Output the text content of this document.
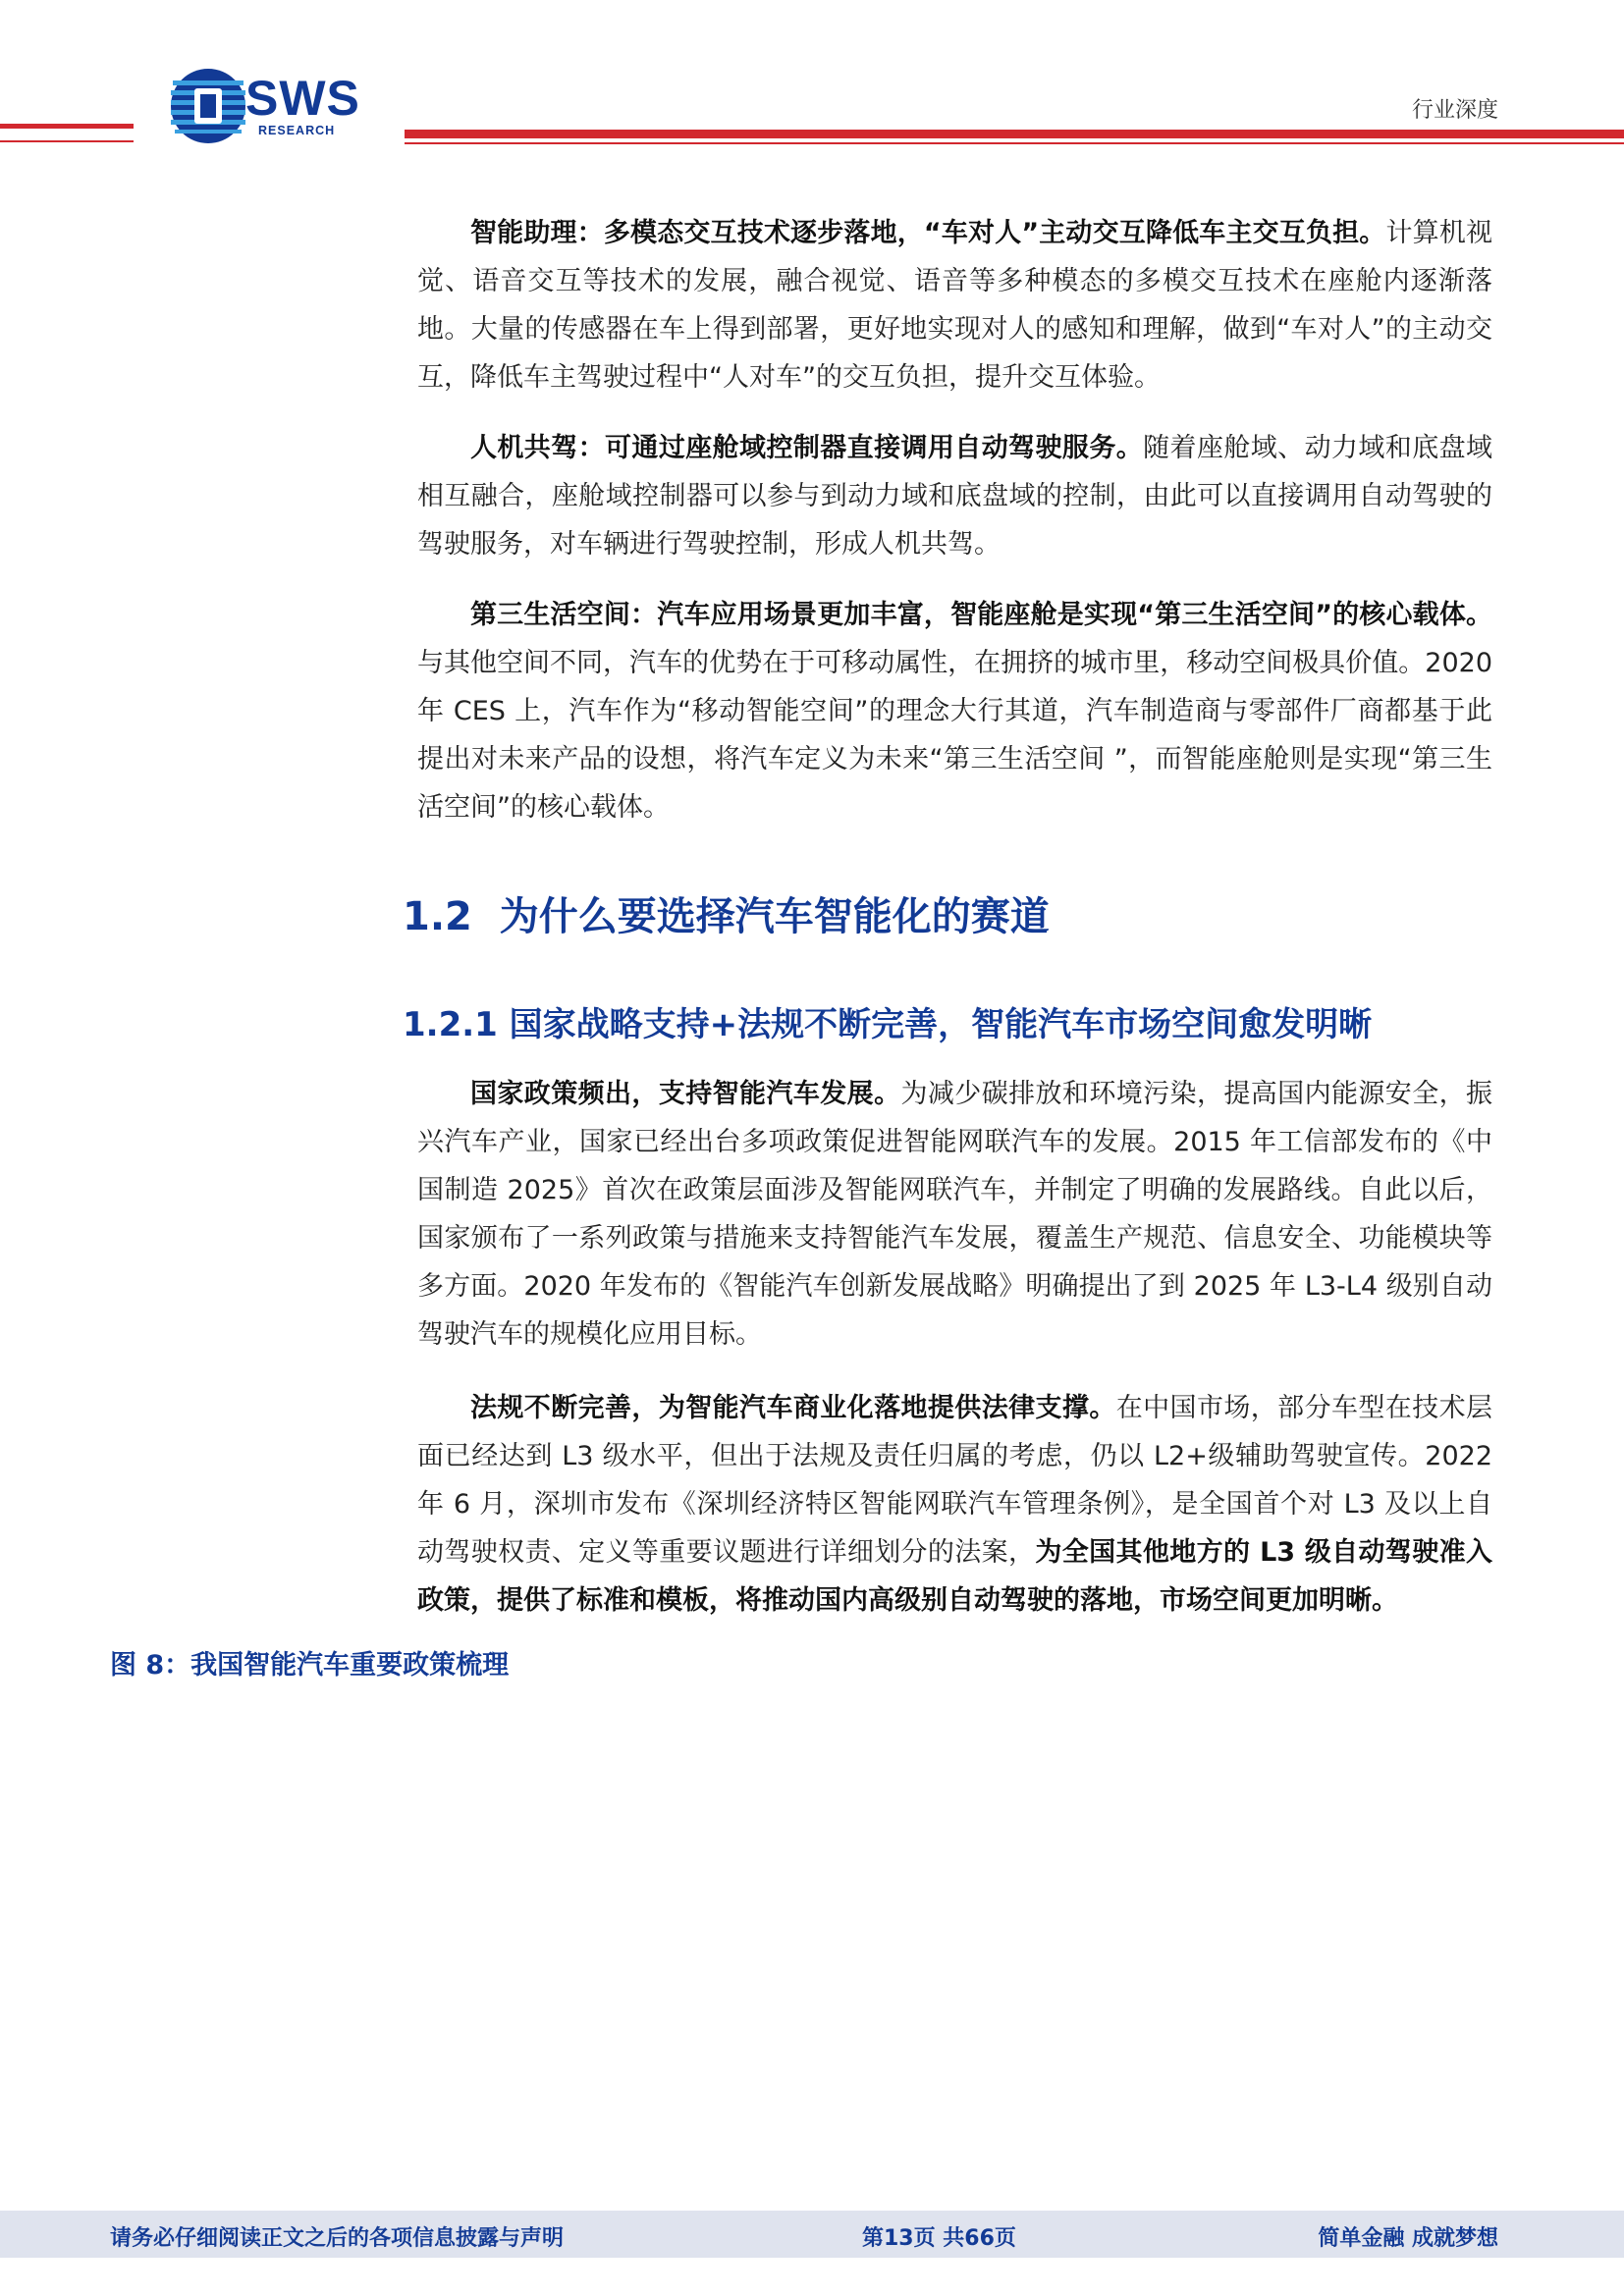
SWS
RESEARCH
行业深度

智能助理：多模态交互技术逐步落地，“车对人”主动交互降低车主交互负担。计算机视觉、语音交互等技术的发展，融合视觉、语音等多种模态的多模交互技术在座舱内逐渐落地。大量的传感器在车上得到部署，更好地实现对人的感知和理解，做到“车对人”的主动交互，降低车主驾驶过程中“人对车”的交互负担，提升交互体验。

人机共驾：可通过座舱域控制器直接调用自动驾驶服务。随着座舱域、动力域和底盘域相互融合，座舱域控制器可以参与到动力域和底盘域的控制，由此可以直接调用自动驾驶的驾驶服务，对车辆进行驾驶控制，形成人机共驾。

第三生活空间：汽车应用场景更加丰富，智能座舱是实现“第三生活空间”的核心载体。与其他空间不同，汽车的优势在于可移动属性，在拥挤的城市里，移动空间极具价值。2020 年 CES 上，汽车作为“移动智能空间”的理念大行其道，汽车制造商与零部件厂商都基于此提出对未来产品的设想，将汽车定义为未来“第三生活空间 ”，而智能座舱则是实现“第三生活空间”的核心载体。

1.2  为什么要选择汽车智能化的赛道
1.2.1 国家战略支持+法规不断完善，智能汽车市场空间愈发明晰

国家政策频出，支持智能汽车发展。为减少碳排放和环境污染，提高国内能源安全，振兴汽车产业，国家已经出台多项政策促进智能网联汽车的发展。2015 年工信部发布的《中国制造 2025》首次在政策层面涉及智能网联汽车，并制定了明确的发展路线。自此以后，国家颁布了一系列政策与措施来支持智能汽车发展，覆盖生产规范、信息安全、功能模块等多方面。2020 年发布的《智能汽车创新发展战略》明确提出了到 2025 年 L3-L4 级别自动驾驶汽车的规模化应用目标。

法规不断完善，为智能汽车商业化落地提供法律支撑。在中国市场，部分车型在技术层面已经达到 L3 级水平，但出于法规及责任归属的考虑，仍以 L2+级辅助驾驶宣传。2022 年 6 月，深圳市发布《深圳经济特区智能网联汽车管理条例》，是全国首个对 L3 及以上自动驾驶权责、定义等重要议题进行详细划分的法案，为全国其他地方的 L3 级自动驾驶准入政策，提供了标准和模板，将推动国内高级别自动驾驶的落地，市场空间更加明晰。

图 8：我国智能汽车重要政策梳理
请务必仔细阅读正文之后的各项信息披露与声明	第13页 共66页	简单金融 成就梦想
